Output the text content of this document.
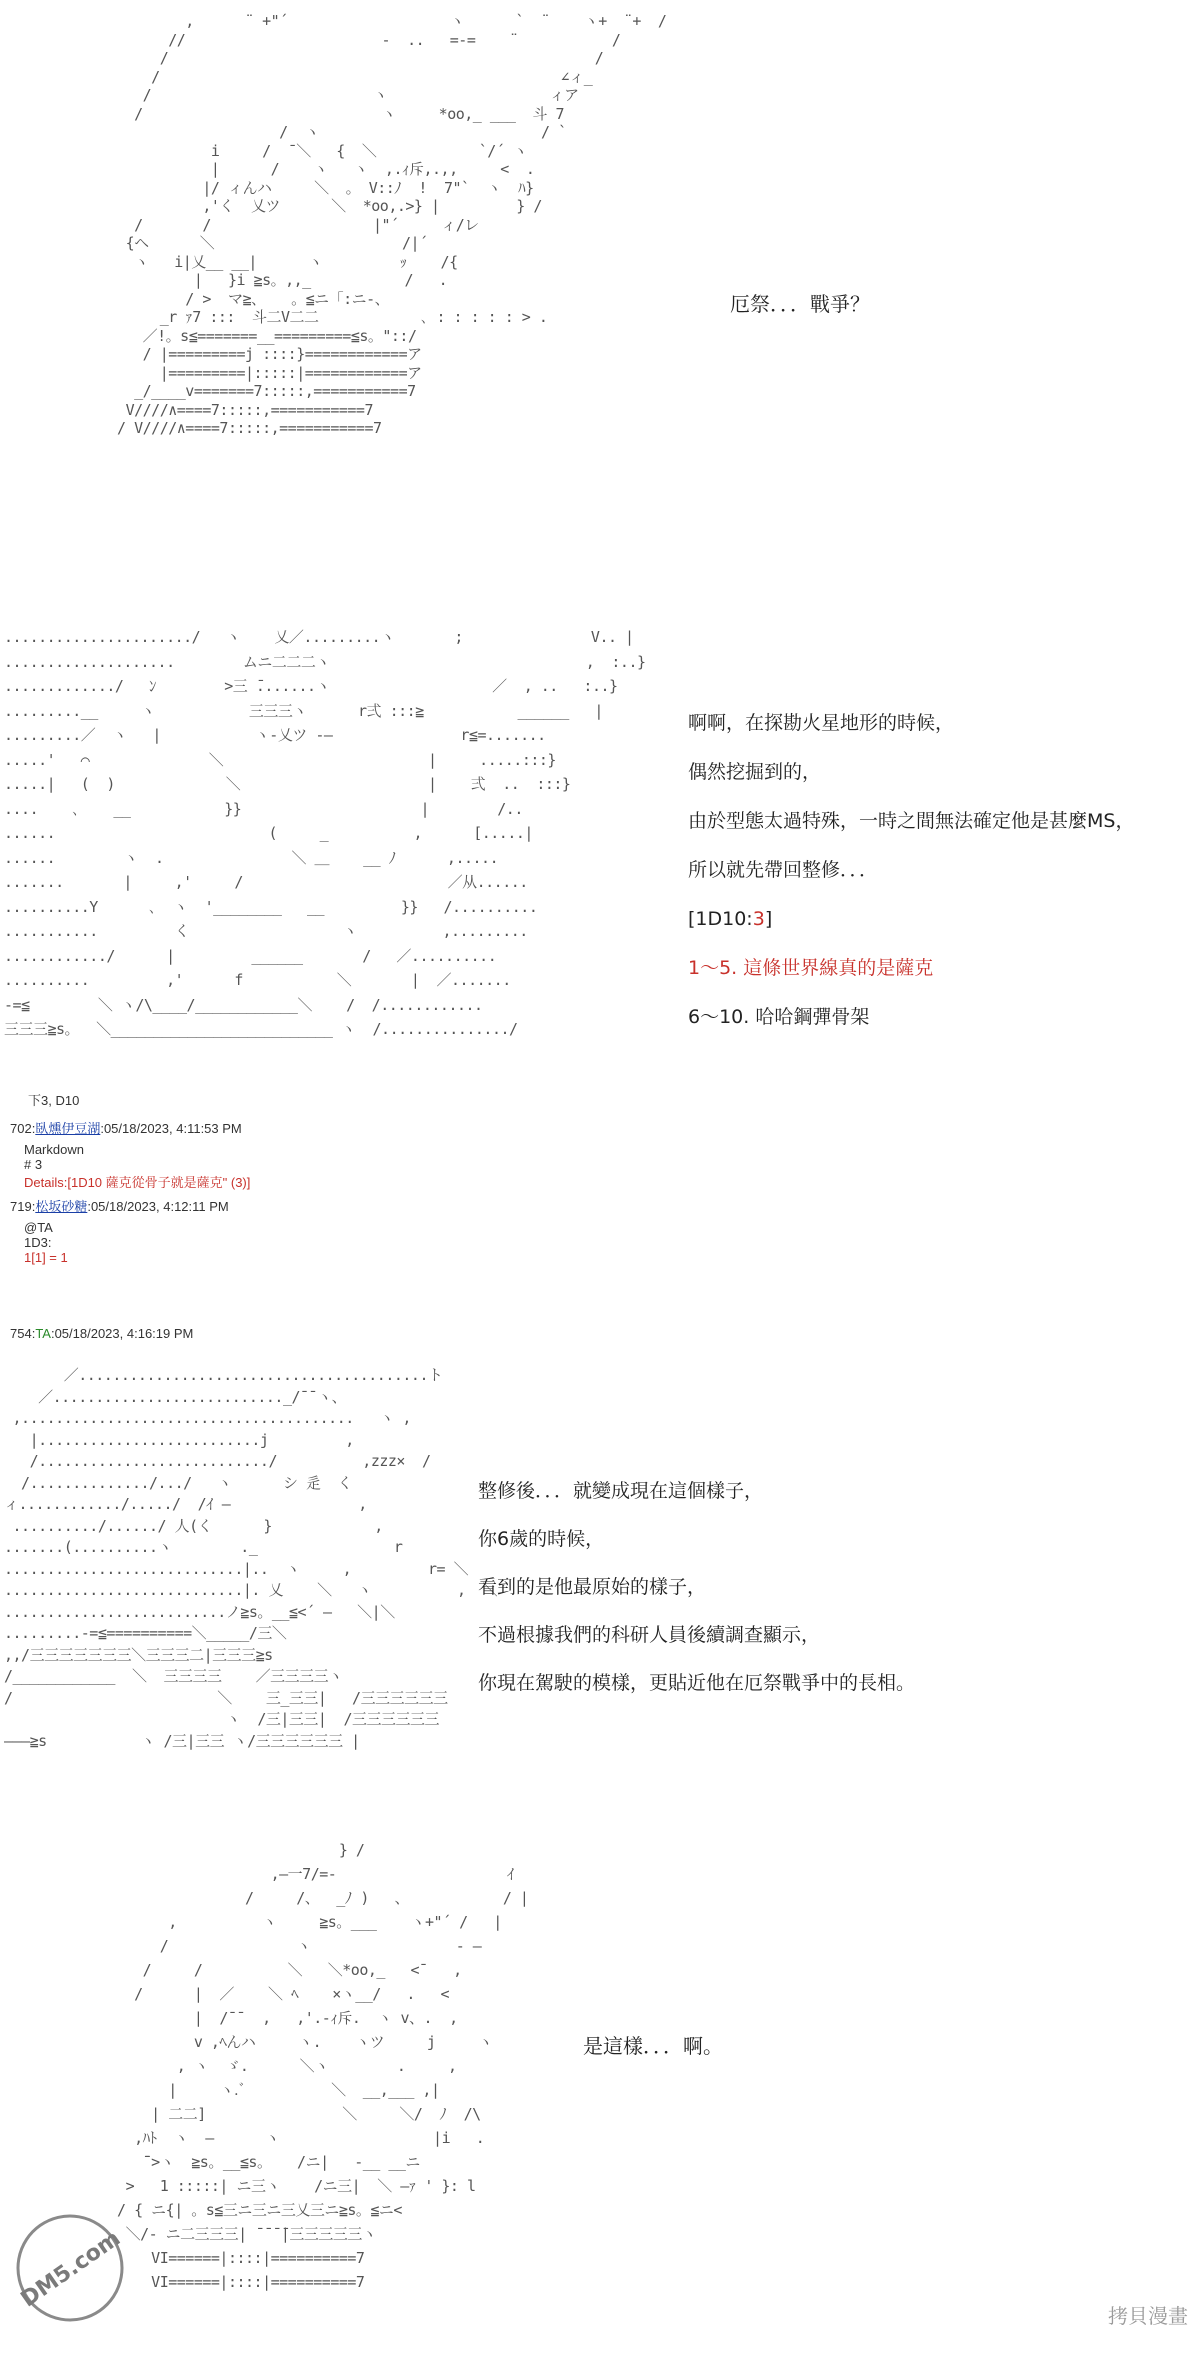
,      ¨ +"´                   ヽ      `  ¨    ヽ+  ¨+  /
//                       -  ..   =‐=    ¨           /
/                                                  /
/                                               ∠ィ_
/                          ヽ                   ィア
/                            ヽ     *oo,_ ___  斗 7
/  ヽ                          / `
i     /  ̄ ＼   {  ＼            `/´ ヽ
|      /    ヽ   ヽ  ,.ｨ斥,.,,     <  .
|/ ィんハ     ＼  。 V::ﾉ  !  7"`  ヽ  ﾊ}
,'く  乂ツ      ＼  *oo,.>} |         } /
/       /                   |"´     ィ/レ
{ヘ      ＼                      /|´
ヽ   i|乂__ __|      ヽ         ｯ    /{
|   }i ≧s。,,_           /   .
/ >  マ≧、   。≦ニ「:ニ-、
_r ｧ7 :::  斗二V二二            ､ : : : : : > .
／!。s≦=======__=========≦s。"::/
/ |=========j ::::}============ア
|=========|:::::|============ア
_/____v=======7:::::,===========7
V////∧====7:::::,===========7
/ V////∧====7:::::,===========7
厄祭．．．戰爭？
....................../   ヽ    乂／.........ヽ       ;               V.. |
....................        ムニ二二二ヽ                              ,  :..}
............./   ﾝ        >三 ̄.......ヽ                   ／  , ..   :..}
.........__     ヽ           三三三ヽ      r弍 :::≧           ______   |
.........／  ヽ   |           ヽ-乂ツ -―               r≦=.......
.....'   ⌒              ＼                        |     .....:::}
.....|   (  )             ＼                      |    弍  ..  :::}
....    ､    __           }}                     |        /..
......                         (     _          ,      [.....|
......        ヽ  .               ＼ ＿    __ ﾉ      ,.....
.......       |     ,'     /                        ／从......
..........Y      ､  ヽ  '________   __         }}   /..........
...........         く                  ヽ          ,.........
............/      |         ______       /   ／..........
..........         ,'      f           ＼       |  ／.......
-=≦        ＼ ヽ/\____/____________＼    /  /............
三三三≧s。  ＼__________________________ ヽ  /.............../
啊啊，在探勘火星地形的時候，
偶然挖掘到的，
由於型態太過特殊，一時之間無法確定他是甚麼MS，
所以就先帶回整修．．．
[1D10:3]
1～5. 這條世界線真的是薩克
6～10. 哈哈鋼彈骨架
下3, D10
702:臥燻伊豆湖:05/18/2023, 4:11:53 PM
Markdown
# 3
Details:[1D10 薩克從骨子就是薩克" (3)]
719:松坂砂糖:05/18/2023, 4:12:11 PM
@TA
1D3:
1[1] = 1
754:TA:05/18/2023, 4:16:19 PM
／.........................................ト
／..........................._/¯¯ヽ、
,.......................................   ヽ ,
|..........................j         ,
/.........................../          ,zzz×  /
/............../.../   ヽ      シ 辵  く
ィ............/...../  /ｲ ―               ,
........../....../ 人(く      }            ,
.......(..........ヽ        ._                r
............................|..  ヽ     ,         r= ＼
............................|. 乂    ＼   ヽ          ,  ＼
..........................ノ≧s。__≦<´ ―   ＼|＼
.........-=≦==========＼_____/三＼
,,/三三三三三三三＼三三三二|三三三≧s
/____________  ＼  三三三三    ／三三三三ヽ
/                        ＼    三_三三|   /三三三三三三
ヽ  /三|三三|  /三三三三三三
―――≧s           ヽ /三|三三 ヽ/三三三三三三 |
整修後．．．就變成現在這個樣子，
你6歲的時候，
看到的是他最原始的樣子，
不過根據我們的科研人員後續調查顯示，
你現在駕駛的模樣，更貼近他在厄祭戰爭中的長相。
} /
,―一7/=-                    ｲ
/     /、  _ﾉ )   、           / |
,          ヽ     ≧s。___    ヽ+"´ /   |
/               ヽ                 ‐ ―
/     /          ＼   ＼*oo,_   <¯   ,
/      |  ／    ＼ ﾍ    ×ヽ__/   .   <
|  /¯¯  ,   ,'.-ｨ斥.  ヽ v、.  ,
v ,ﾍんハ     ヽ.    ヽツ     j     ヽ
, ヽ  ゞ.      ＼ヽ        .     ,
|     ヽ.ﾞ          ＼  __,___ ,|
| 二二]                ＼     ＼/  ﾉ  /\
,ﾊﾄ  ヽ  ―      ヽ                  |i   .
̄¯>ヽ  ≧s。__≦s。   /ニ|   ‐__ __ニ
>   1 :::::| ニ三ヽ    /ニ三|  ＼ ―ｧ ' }: l
/ { ニ{| 。s≦三ニ三ニ三乂三ニ≧s。≦ニ<
＼/‐ ニ二三三三| ̄ ̄ ̄ ̄|三三三三三ヽ
VI======|::::|==========7
VI======|::::|==========7
是這樣．．．啊。
DM5.com
拷貝漫畫
